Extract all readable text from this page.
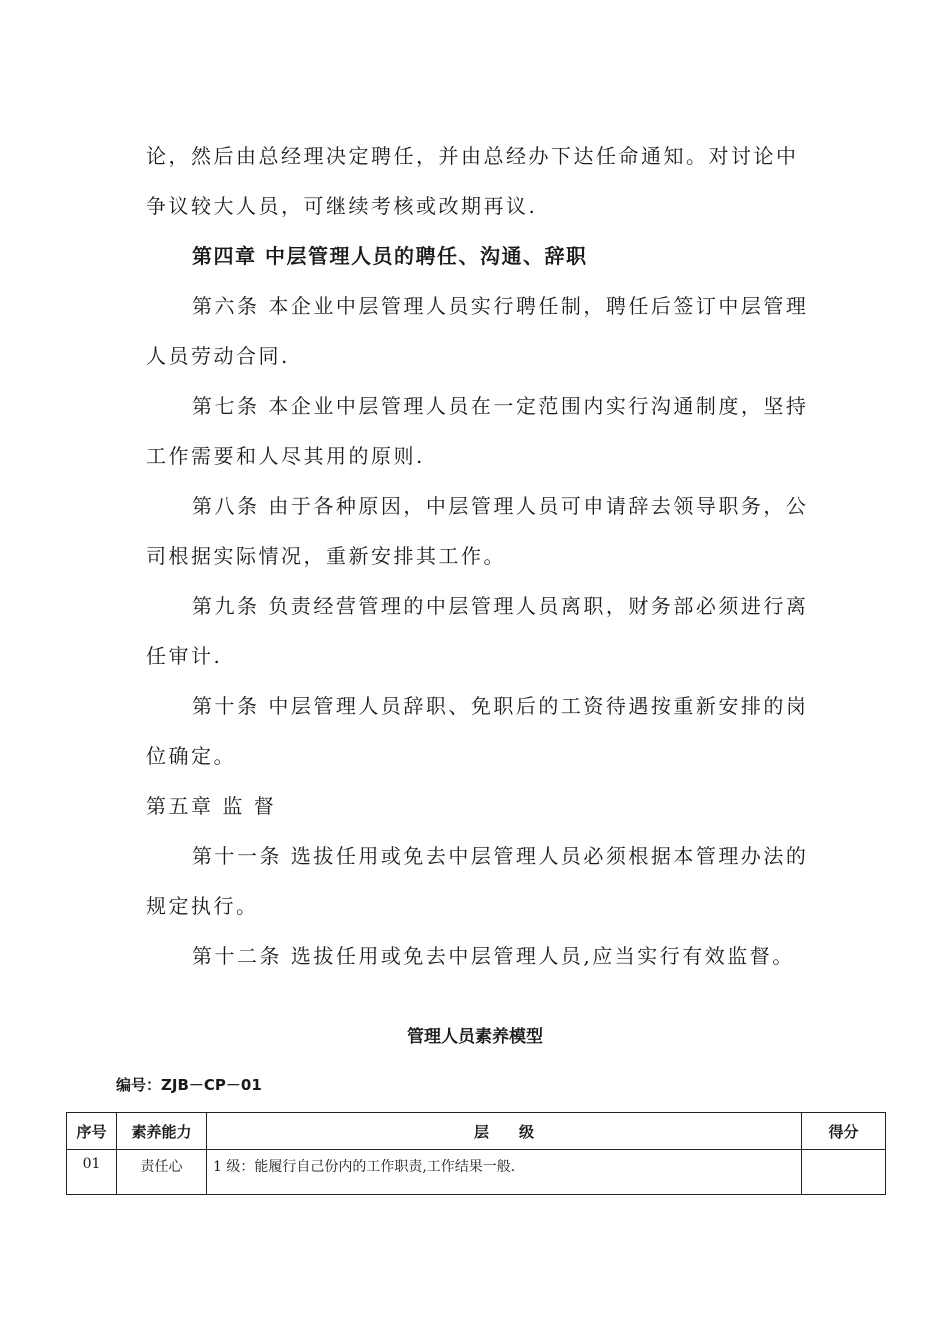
论，然后由总经理决定聘任，并由总经办下达任命通知。对讨论中
争议较大人员，可继续考核或改期再议.
第四章 中层管理人员的聘任、沟通、辞职
第六条 本企业中层管理人员实行聘任制，聘任后签订中层管理
人员劳动合同.
第七条 本企业中层管理人员在一定范围内实行沟通制度，坚持
工作需要和人尽其用的原则.
第八条 由于各种原因，中层管理人员可申请辞去领导职务，公
司根据实际情况，重新安排其工作。
第九条 负责经营管理的中层管理人员离职，财务部必须进行离
任审计.
第十条 中层管理人员辞职、免职后的工资待遇按重新安排的岗
位确定。
第五章 监 督
第十一条 选拔任用或免去中层管理人员必须根据本管理办法的
规定执行。
第十二条 选拔任用或免去中层管理人员,应当实行有效监督。
管理人员素养模型
编号：ZJB－CP－01
序号	素养能力	层　　级	得分
01	责任心	1 级：能履行自己份内的工作职责,工作结果一般.	
